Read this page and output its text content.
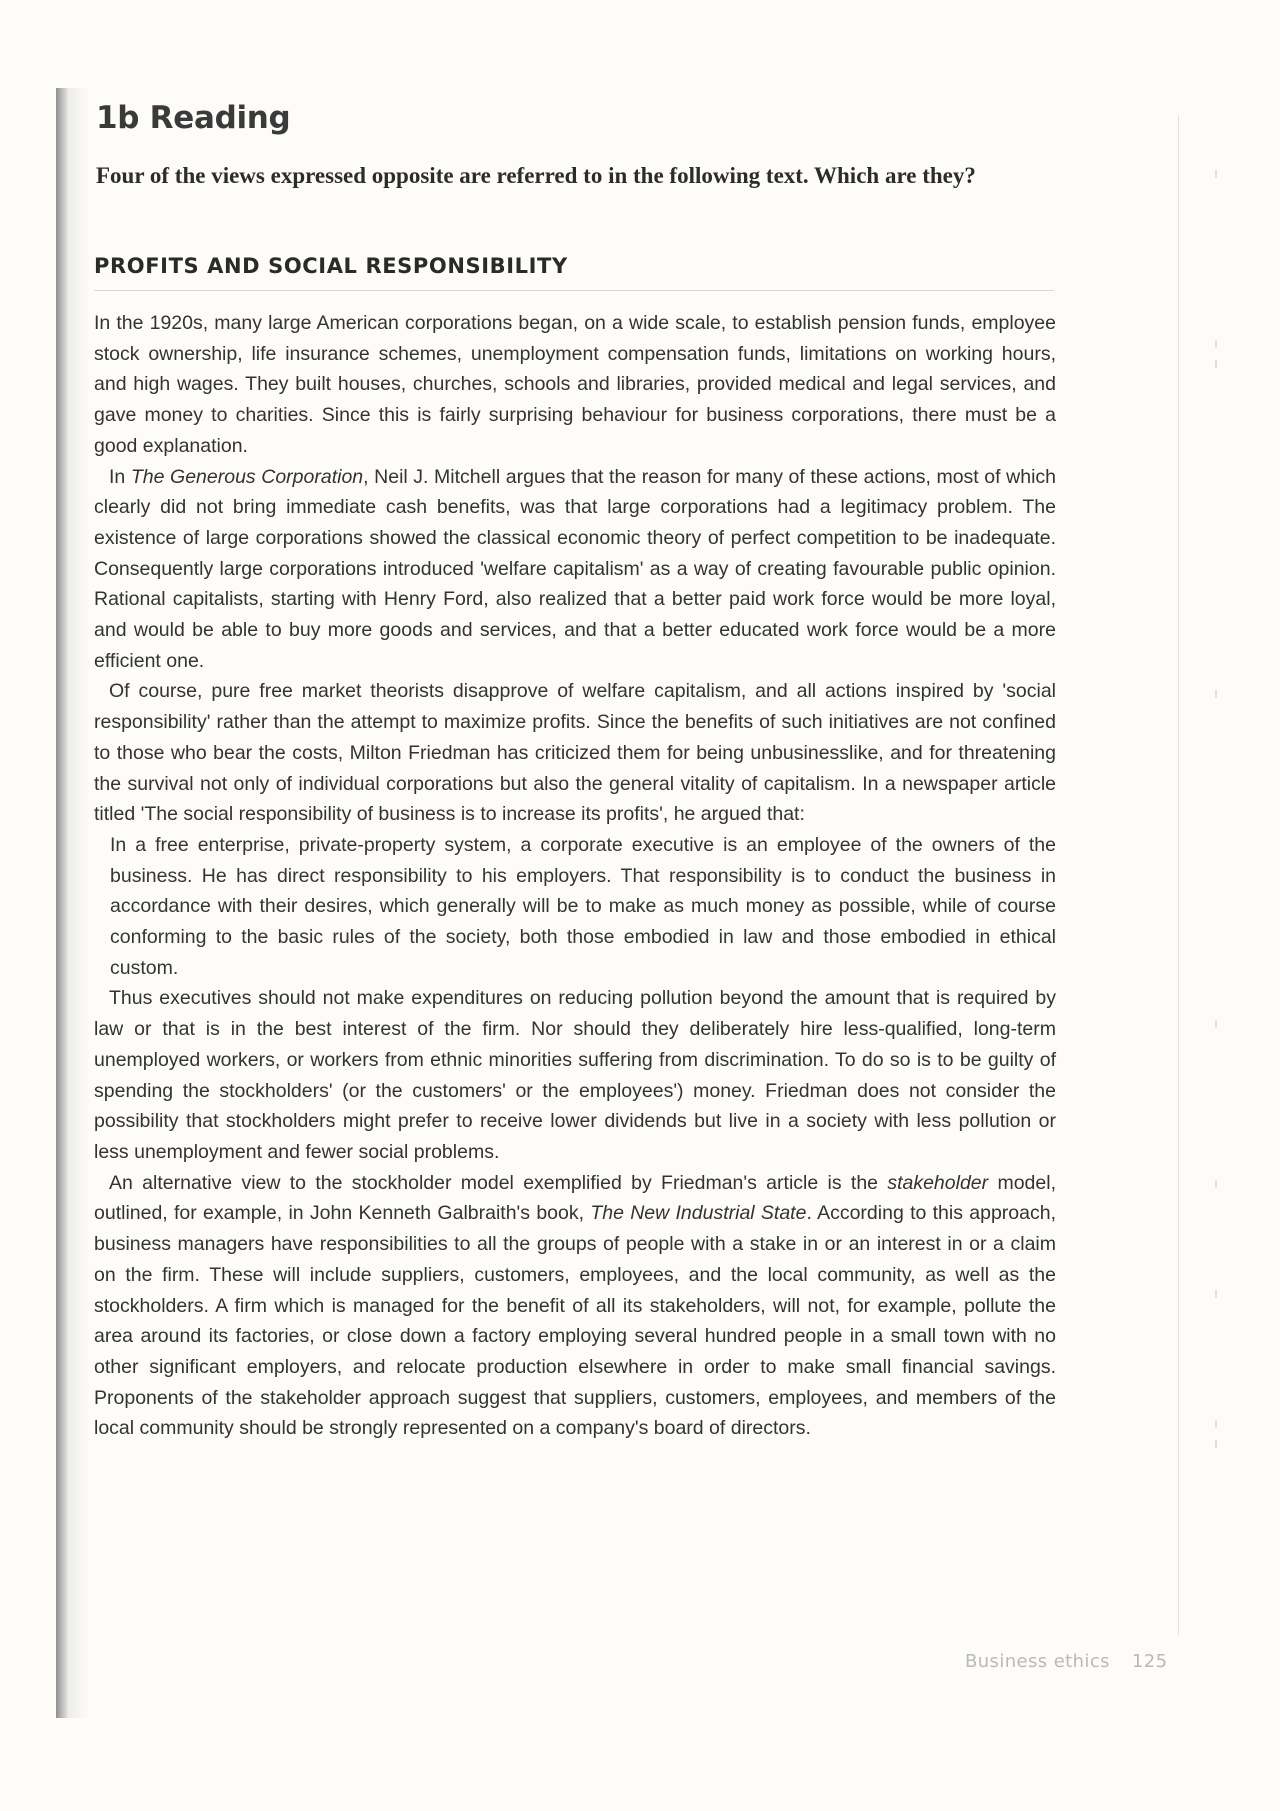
1b Reading

Four of the views expressed opposite are referred to in the following text. Which are they?

PROFITS AND SOCIAL RESPONSIBILITY

In the 1920s, many large American corporations began, on a wide scale, to establish pension funds, employee stock ownership, life insurance schemes, unemployment compensation funds, limitations on working hours, and high wages. They built houses, churches, schools and libraries, provided medical and legal services, and gave money to charities. Since this is fairly surprising behaviour for business corporations, there must be a good explanation.

In The Generous Corporation, Neil J. Mitchell argues that the reason for many of these actions, most of which clearly did not bring immediate cash benefits, was that large corporations had a legitimacy problem. The existence of large corporations showed the classical economic theory of perfect competition to be inadequate. Consequently large corporations introduced 'welfare capitalism' as a way of creating favourable public opinion. Rational capitalists, starting with Henry Ford, also realized that a better paid work force would be more loyal, and would be able to buy more goods and services, and that a better educated work force would be a more efficient one.

Of course, pure free market theorists disapprove of welfare capitalism, and all actions inspired by 'social responsibility' rather than the attempt to maximize profits. Since the benefits of such initiatives are not confined to those who bear the costs, Milton Friedman has criticized them for being unbusinesslike, and for threatening the survival not only of individual corporations but also the general vitality of capitalism. In a newspaper article titled 'The social responsibility of business is to increase its profits', he argued that:

In a free enterprise, private-property system, a corporate executive is an employee of the owners of the business. He has direct responsibility to his employers. That responsibility is to conduct the business in accordance with their desires, which generally will be to make as much money as possible, while of course conforming to the basic rules of the society, both those embodied in law and those embodied in ethical custom.

Thus executives should not make expenditures on reducing pollution beyond the amount that is required by law or that is in the best interest of the firm. Nor should they deliberately hire less-qualified, long-term unemployed workers, or workers from ethnic minorities suffering from discrimination. To do so is to be guilty of spending the stockholders' (or the customers' or the employees') money. Friedman does not consider the possibility that stockholders might prefer to receive lower dividends but live in a society with less pollution or less unemployment and fewer social problems.

An alternative view to the stockholder model exemplified by Friedman's article is the stakeholder model, outlined, for example, in John Kenneth Galbraith's book, The New Industrial State. According to this approach, business managers have responsibilities to all the groups of people with a stake in or an interest in or a claim on the firm. These will include suppliers, customers, employees, and the local community, as well as the stockholders. A firm which is managed for the benefit of all its stakeholders, will not, for example, pollute the area around its factories, or close down a factory employing several hundred people in a small town with no other significant employers, and relocate production elsewhere in order to make small financial savings. Proponents of the stakeholder approach suggest that suppliers, customers, employees, and members of the local community should be strongly represented on a company's board of directors.

Business ethics 125
